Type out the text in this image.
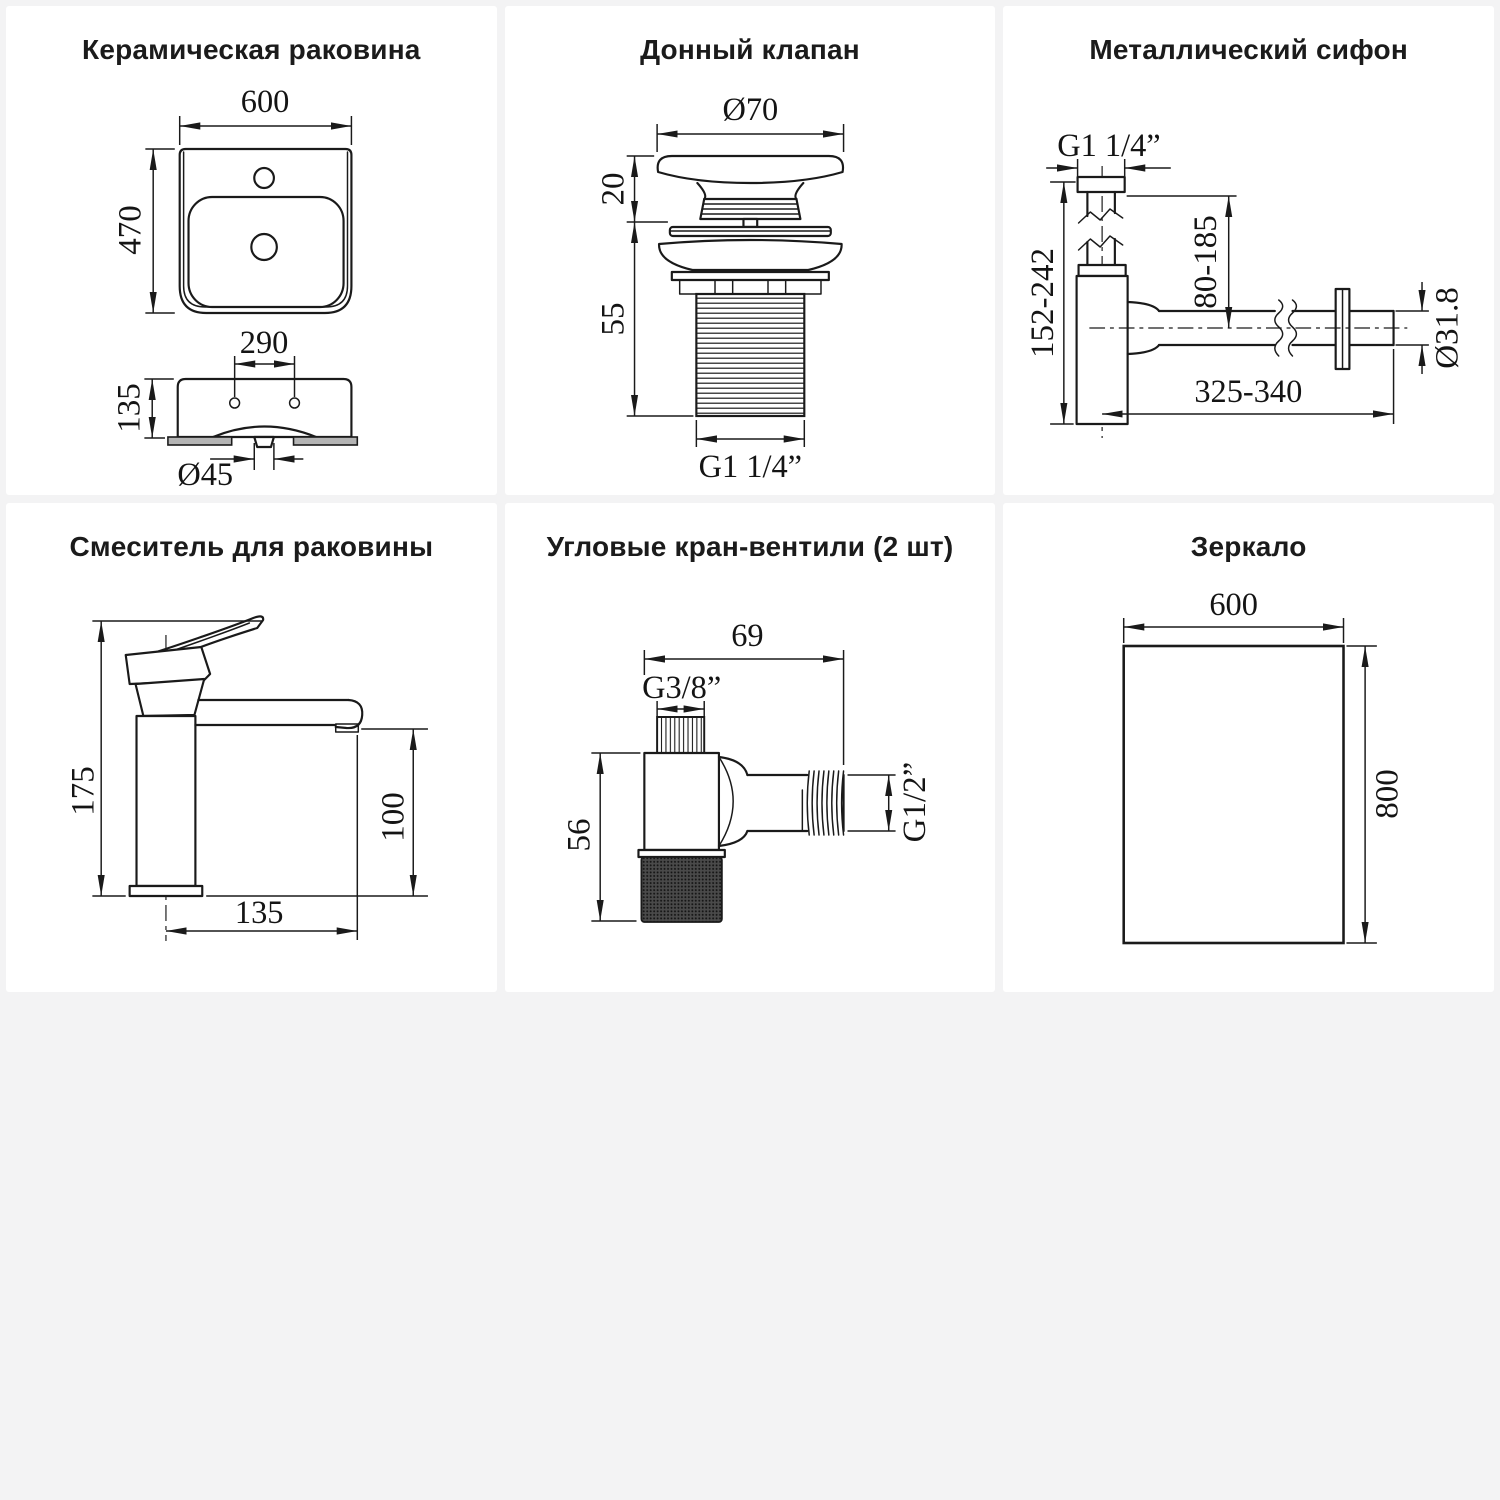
Керамическая раковина
600
470
290
135
Ø45
Донный клапан
Ø70
20
55
G1 1/4”
Металлический сифон
G1 1/4”
152-242	80-185
Ø31.8
325-340
Смеситель для раковины
175
100
135
Угловые кран-вентили (2 шт)
69
G3/8”
56	G1/2”
Зеркало
600
800
